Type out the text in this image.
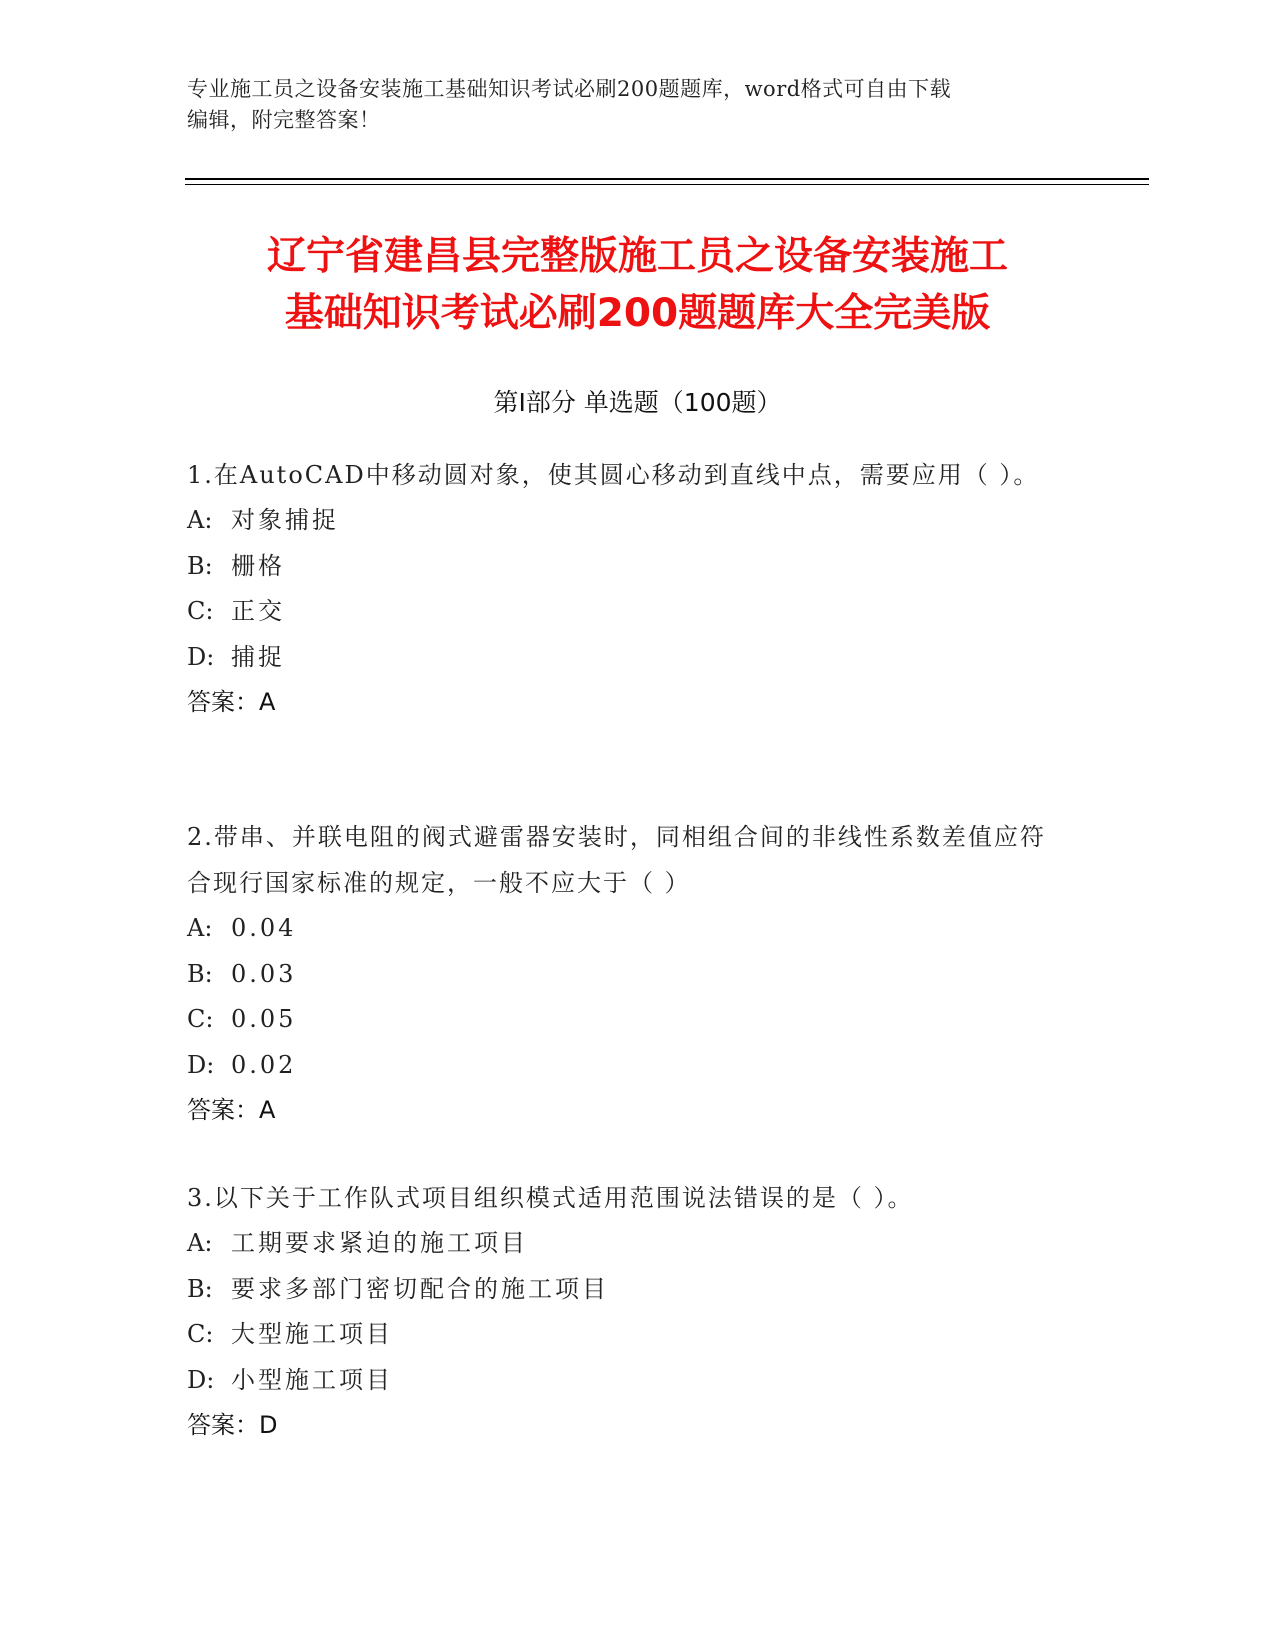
专业施工员之设备安装施工基础知识考试必刷200题题库，word格式可自由下载
编辑，附完整答案！
辽宁省建昌县完整版施工员之设备安装施工
基础知识考试必刷200题题库大全完美版
第Ⅰ部分 单选题（100题）
1.在AutoCAD中移动圆对象，使其圆心移动到直线中点，需要应用（ ）。
A: 对象捕捉
B: 栅格
C: 正交
D: 捕捉
答案：A
2.带串、并联电阻的阀式避雷器安装时，同相组合间的非线性系数差值应符合现行国家标准的规定，一般不应大于（ ）
A: 0.04
B: 0.03
C: 0.05
D: 0.02
答案：A
3.以下关于工作队式项目组织模式适用范围说法错误的是（ ）。
A: 工期要求紧迫的施工项目
B: 要求多部门密切配合的施工项目
C: 大型施工项目
D: 小型施工项目
答案：D
